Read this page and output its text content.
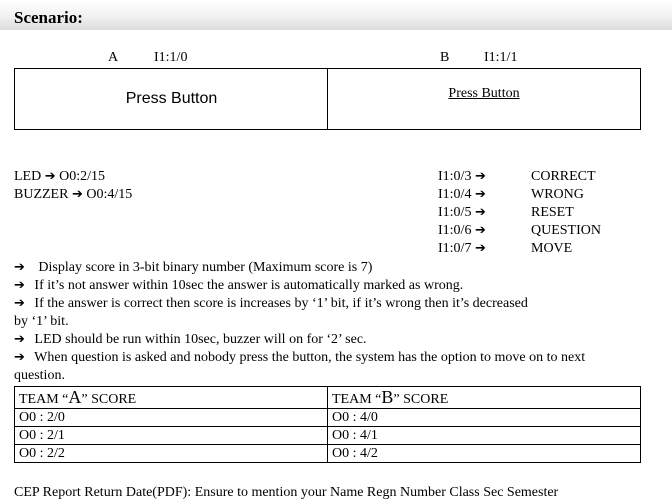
Scenario:
A	I1:1/0	B I1:1/1
Press Button	Press Button
LED ➔ O0:2/15
BUZZER ➔ O0:4/15
I1:0/3 ➔	CORRECT
I1:0/4 ➔	WRONG
I1:0/5 ➔	RESET
I1:0/6 ➔	QUESTION
I1:0/7 ➔	MOVE
➔ Display score in 3-bit binary number (Maximum score is 7)
➔ If it’s not answer within 10sec the answer is automatically marked as wrong.
➔ If the answer is correct then score is increases by ‘1’ bit, if it’s wrong then it’s decreased
by ‘1’ bit.
➔ LED should be run within 10sec, buzzer will on for ‘2’ sec.
➔ When question is asked and nobody press the button, the system has the option to move on to next
question.
TEAM “A” SCORE	TEAM “B” SCORE
O0 : 2/0	O0 : 4/0
O0 : 2/1	O0 : 4/1
O0 : 2/2	O0 : 4/2
CEP Report Return Date(PDF): Ensure to mention your Name Regn Number Class Sec Semester
